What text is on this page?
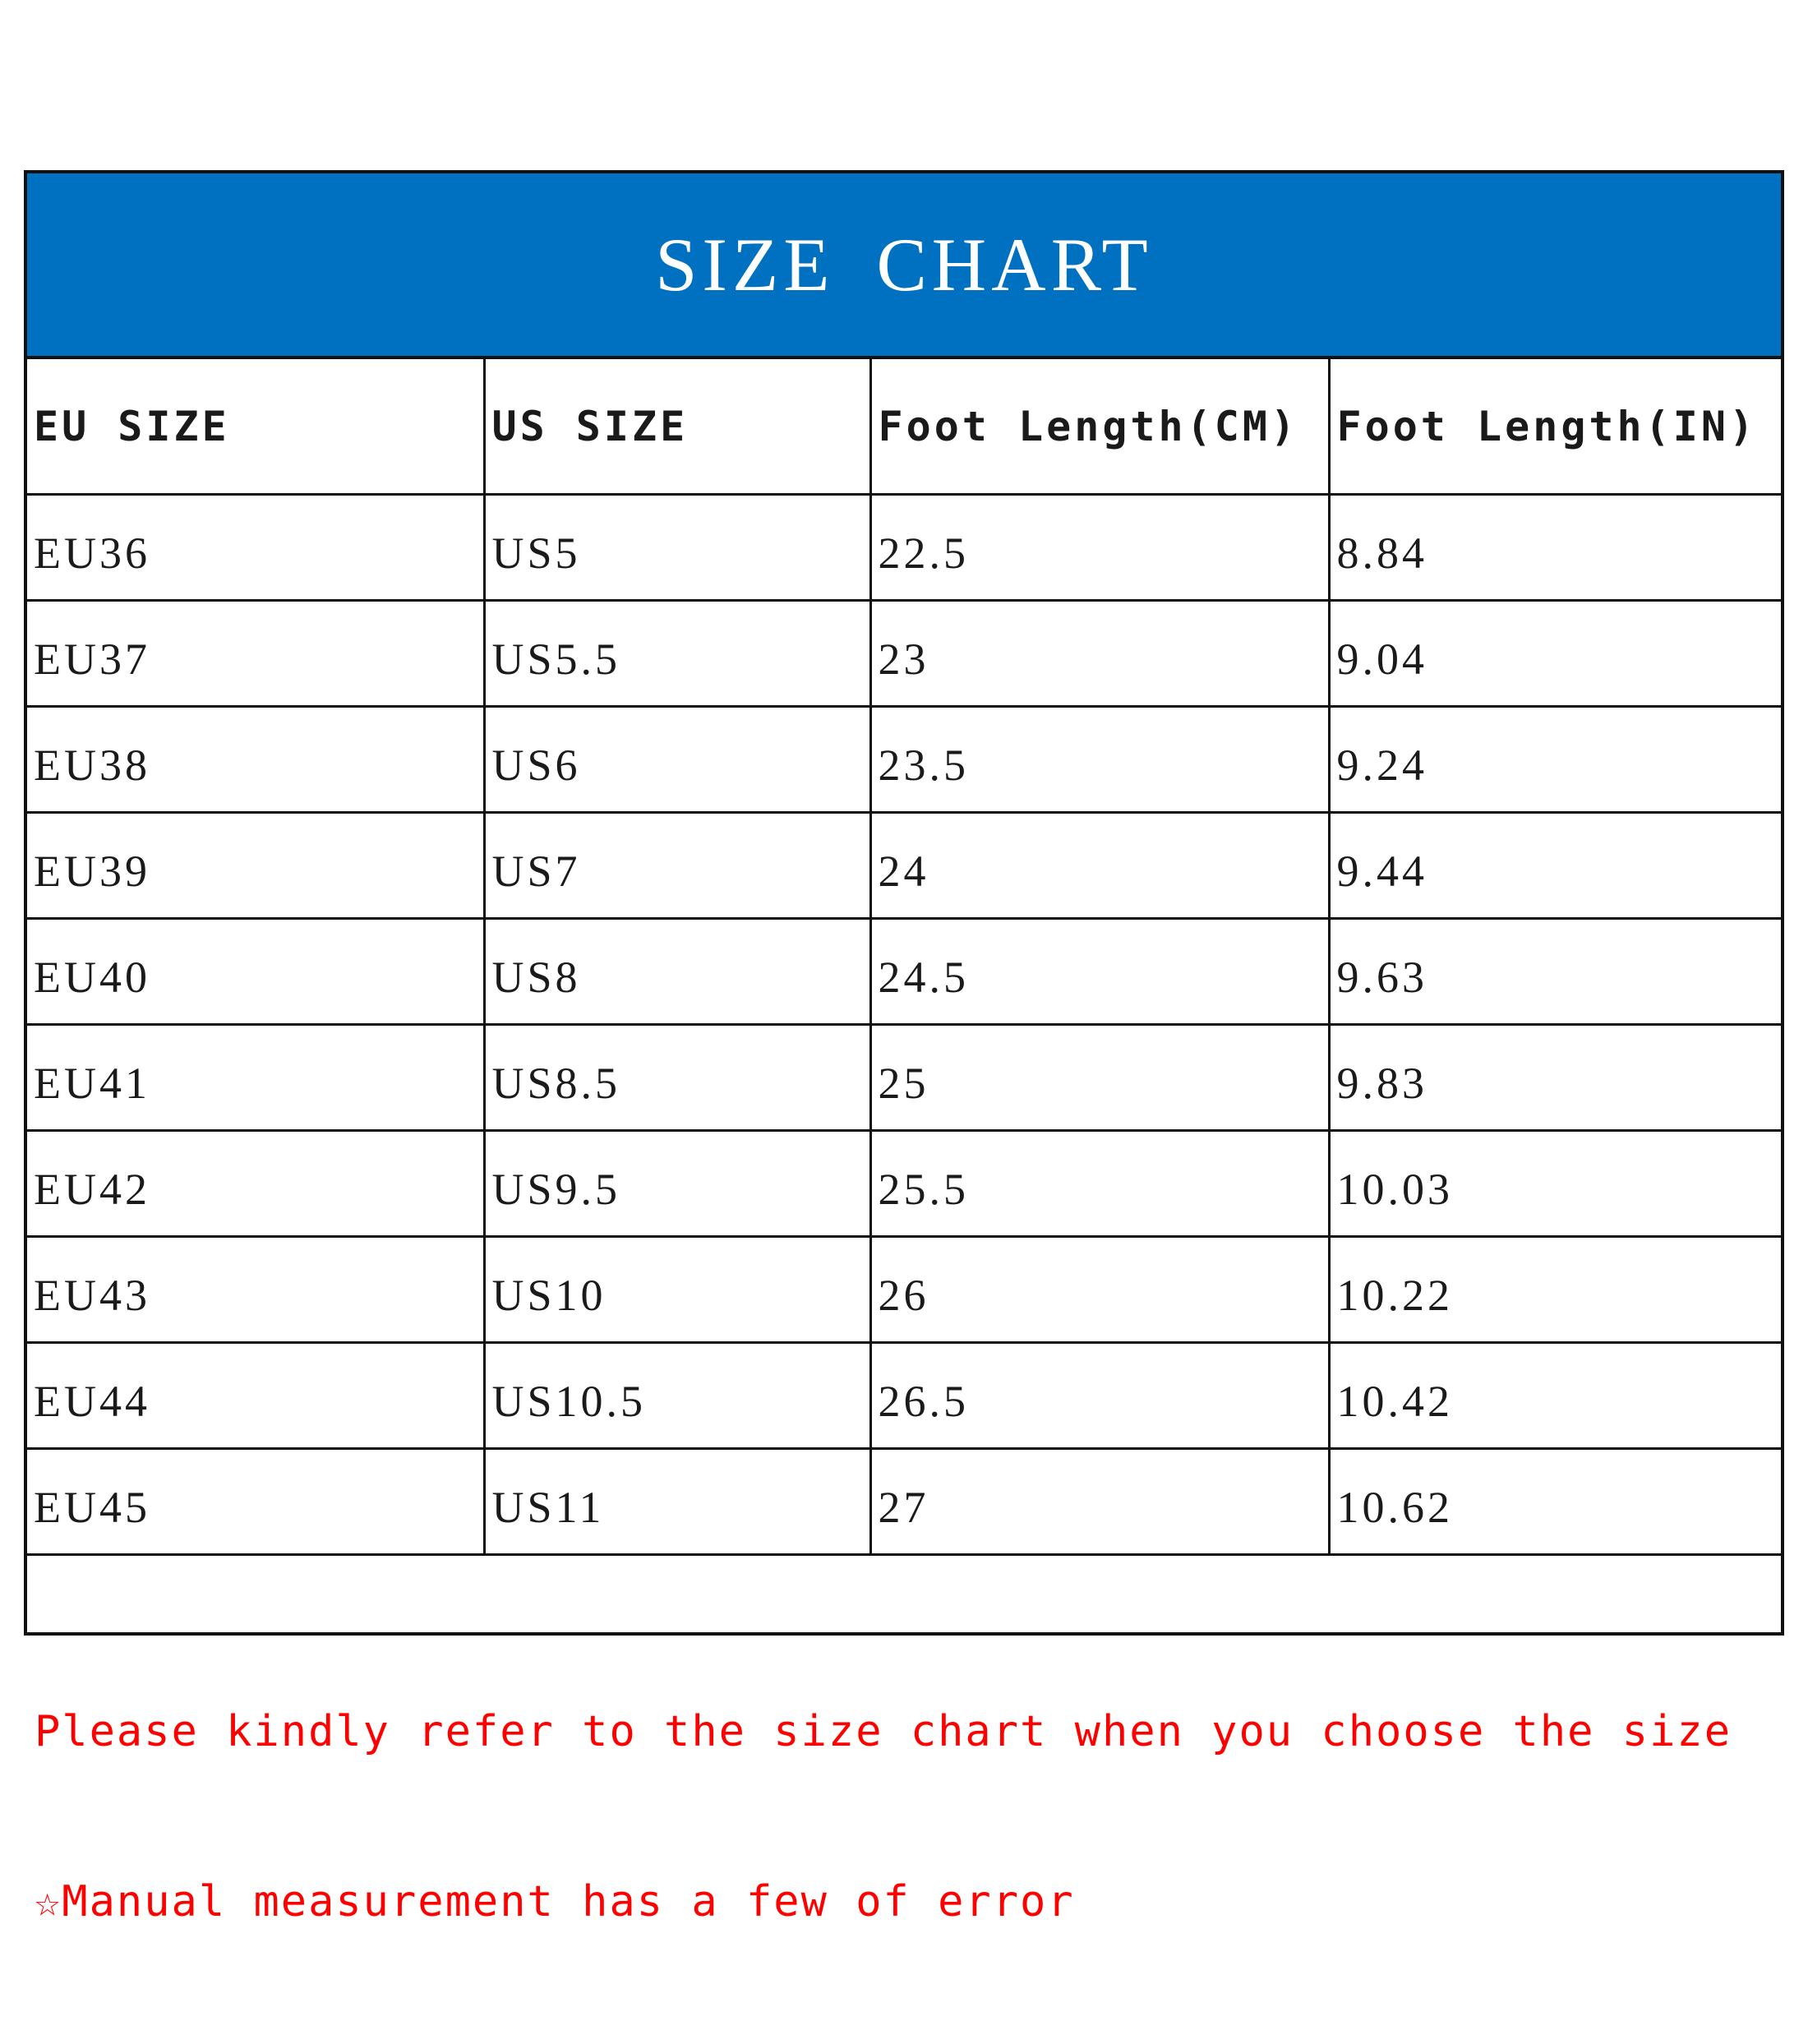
SIZE CHART
EU SIZE	US SIZE	Foot Length(CM)	Foot Length(IN)
EU36	US5	22.5	8.84
EU37	US5.5	23	9.04
EU38	US6	23.5	9.24
EU39	US7	24	9.44
EU40	US8	24.5	9.63
EU41	US8.5	25	9.83
EU42	US9.5	25.5	10.03
EU43	US10	26	10.22
EU44	US10.5	26.5	10.42
EU45	US11	27	10.62

Please kindly refer to the size chart when you choose the size

☆Manual measurement has a few of error
